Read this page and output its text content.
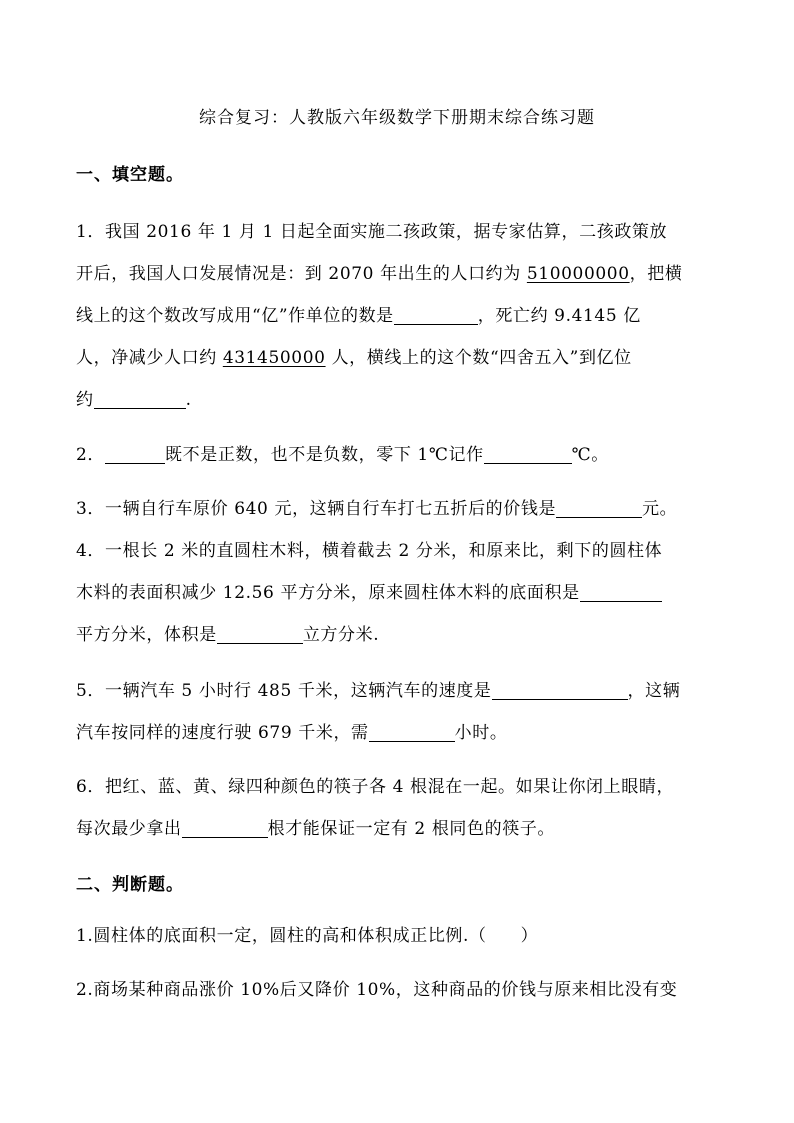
综合复习：人教版六年级数学下册期末综合练习题
一、填空题。
1．我国 2016 年 1 月 1 日起全面实施二孩政策，据专家估算，二孩政策放
开后，我国人口发展情况是：到 2070 年出生的人口约为 510000000，把横
线上的这个数改写成用“亿”作单位的数是	，死亡约 9.4145 亿
人，净减少人口约 431450000 人，横线上的这个数“四舍五入”到亿位
约	.
2．	既不是正数，也不是负数，零下 1℃记作	℃。
3．一辆自行车原价 640 元，这辆自行车打七五折后的价钱是	元。
4．一根长 2 米的直圆柱木料，横着截去 2 分米，和原来比，剩下的圆柱体
木料的表面积减少 12.56 平方分米，原来圆柱体木料的底面积是
平方分米，体积是	立方分米.
5．一辆汽车 5 小时行 485 千米，这辆汽车的速度是	，这辆
汽车按同样的速度行驶 679 千米，需	小时。
6．把红、蓝、黄、绿四种颜色的筷子各 4 根混在一起。如果让你闭上眼睛，
每次最少拿出	根才能保证一定有 2 根同色的筷子。
二、判断题。
1.圆柱体的底面积一定，圆柱的高和体积成正比例.（ ）
2.商场某种商品涨价 10%后又降价 10%，这种商品的价钱与原来相比没有变
